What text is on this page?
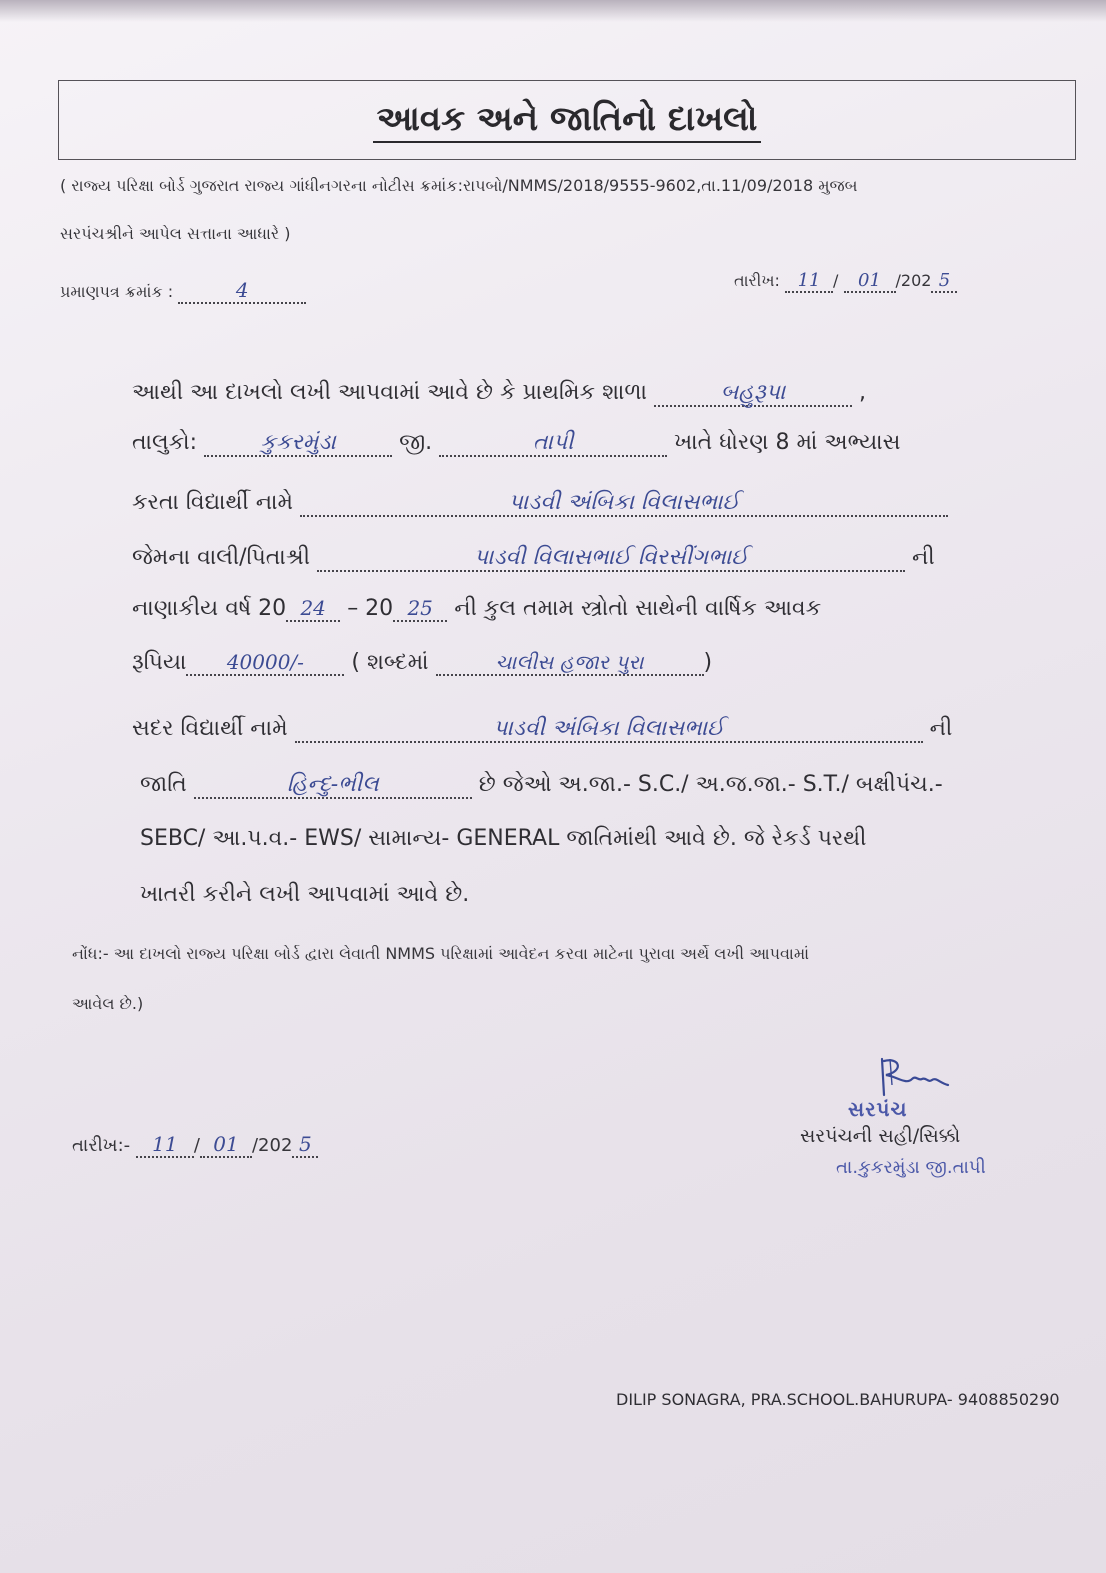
આવક અને જાતિનો દાખલો
( રાજ્ય પરિક્ષા બોર્ડ ગુજરાત રાજ્ય ગાંધીનગરના નોટીસ ક્રમાંક:રાપબો/NMMS/2018/9555-9602,તા.11/09/2018 મુજબ
સરપંચશ્રીને આપેલ સત્તાના આધારે )
પ્રમાણપત્ર ક્રમાંક :	4	તારીખ: 11 / 01 /202 5
આથી આ દાખલો લખી આપવામાં આવે છે કે પ્રાથમિક શાળા	બહુરૂપા	,
તાલુકો:	કુકરમુંડા	જી.	તાપી	ખાતે ધોરણ 8 માં અભ્યાસ
કરતા વિદ્યાર્થી નામે	પાડવી અંબિકા વિલાસભાઈ
જેમના વાલી/પિતાશ્રી	પાડવી વિલાસભાઈ વિરસીંગભાઈ	ની
નાણાકીય વર્ષ 20 24 – 20 25 ની કુલ તમામ સ્ત્રોતો સાથેની વાર્ષિક આવક
રૂપિયા 40000/- ( શબ્દમાં	ચાલીસ હજાર પુરા	)
સદર વિદ્યાર્થી નામે	પાડવી અંબિકા વિલાસભાઈ	ની
જાતિ	હિન્દુ-ભીલ	છે જેઓ અ.જા.- S.C./ અ.જ.જા.- S.T./ બક્ષીપંચ.-
SEBC/ આ.પ.વ.- EWS/ સામાન્ય- GENERAL જાતિમાંથી આવે છે. જે રેકર્ડ પરથી
ખાતરી કરીને લખી આપવામાં આવે છે.
નોંધ:- આ દાખલો રાજ્ય પરિક્ષા બોર્ડ દ્વારા લેવાતી NMMS પરિક્ષામાં આવેદન કરવા માટેના પુરાવા અર્થે લખી આપવામાં
આવેલ છે.)
તારીખ:- 11 / 01 /202 5
સરપંચ
સરપંચની સહી/સિક્કો
તા.કુકરમુંડા જી.તાપી
DILIP SONAGRA, PRA.SCHOOL.BAHURUPA- 9408850290
